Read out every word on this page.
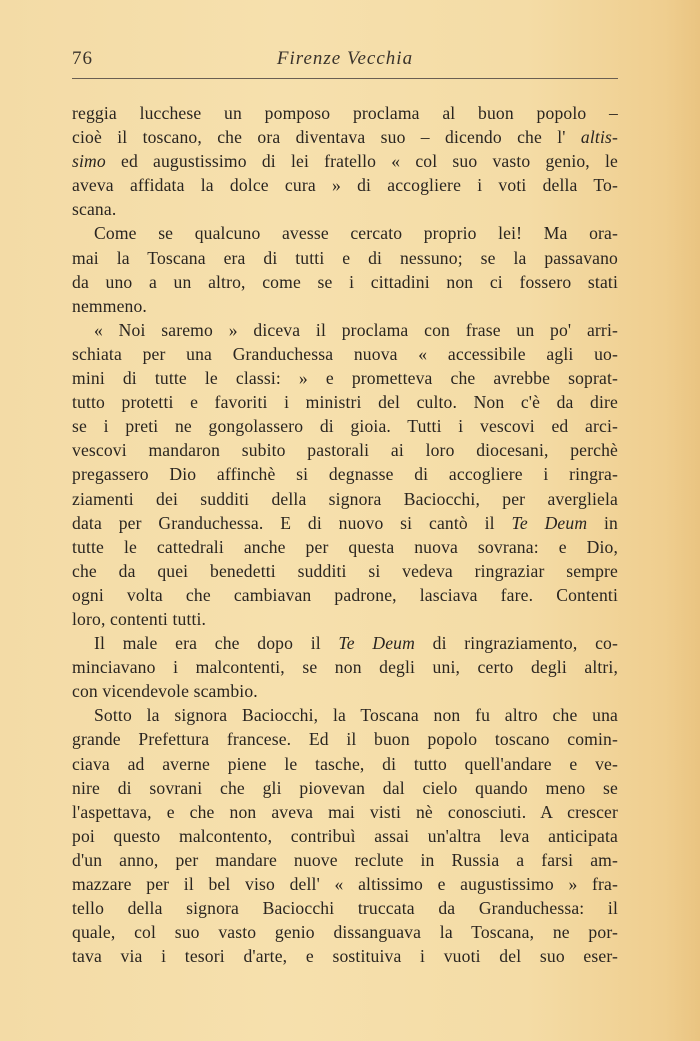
76	Firenze Vecchia
reggia lucchese un pomposo proclama al buon popolo –
cioè il toscano, che ora diventava suo – dicendo che l' altis-
simo ed augustissimo di lei fratello « col suo vasto genio, le
aveva affidata la dolce cura » di accogliere i voti della To-
scana.
Come se qualcuno avesse cercato proprio lei! Ma ora-
mai la Toscana era di tutti e di nessuno; se la passavano
da uno a un altro, come se i cittadini non ci fossero stati
nemmeno.
« Noi saremo » diceva il proclama con frase un po' arri-
schiata per una Granduchessa nuova « accessibile agli uo-
mini di tutte le classi: » e prometteva che avrebbe soprat-
tutto protetti e favoriti i ministri del culto. Non c'è da dire
se i preti ne gongolassero di gioia. Tutti i vescovi ed arci-
vescovi mandaron subito pastorali ai loro diocesani, perchè
pregassero Dio affinchè si degnasse di accogliere i ringra-
ziamenti dei sudditi della signora Baciocchi, per avergliela
data per Granduchessa. E di nuovo si cantò il Te Deum in
tutte le cattedrali anche per questa nuova sovrana: e Dio,
che da quei benedetti sudditi si vedeva ringraziar sempre
ogni volta che cambiavan padrone, lasciava fare. Contenti
loro, contenti tutti.
Il male era che dopo il Te Deum di ringraziamento, co-
minciavano i malcontenti, se non degli uni, certo degli altri,
con vicendevole scambio.
Sotto la signora Baciocchi, la Toscana non fu altro che una
grande Prefettura francese. Ed il buon popolo toscano comin-
ciava ad averne piene le tasche, di tutto quell'andare e ve-
nire di sovrani che gli piovevan dal cielo quando meno se
l'aspettava, e che non aveva mai visti nè conosciuti. A crescer
poi questo malcontento, contribuì assai un'altra leva anticipata
d'un anno, per mandare nuove reclute in Russia a farsi am-
mazzare per il bel viso dell' « altissimo e augustissimo » fra-
tello della signora Baciocchi truccata da Granduchessa: il
quale, col suo vasto genio dissanguava la Toscana, ne por-
tava via i tesori d'arte, e sostituiva i vuoti del suo eser-
